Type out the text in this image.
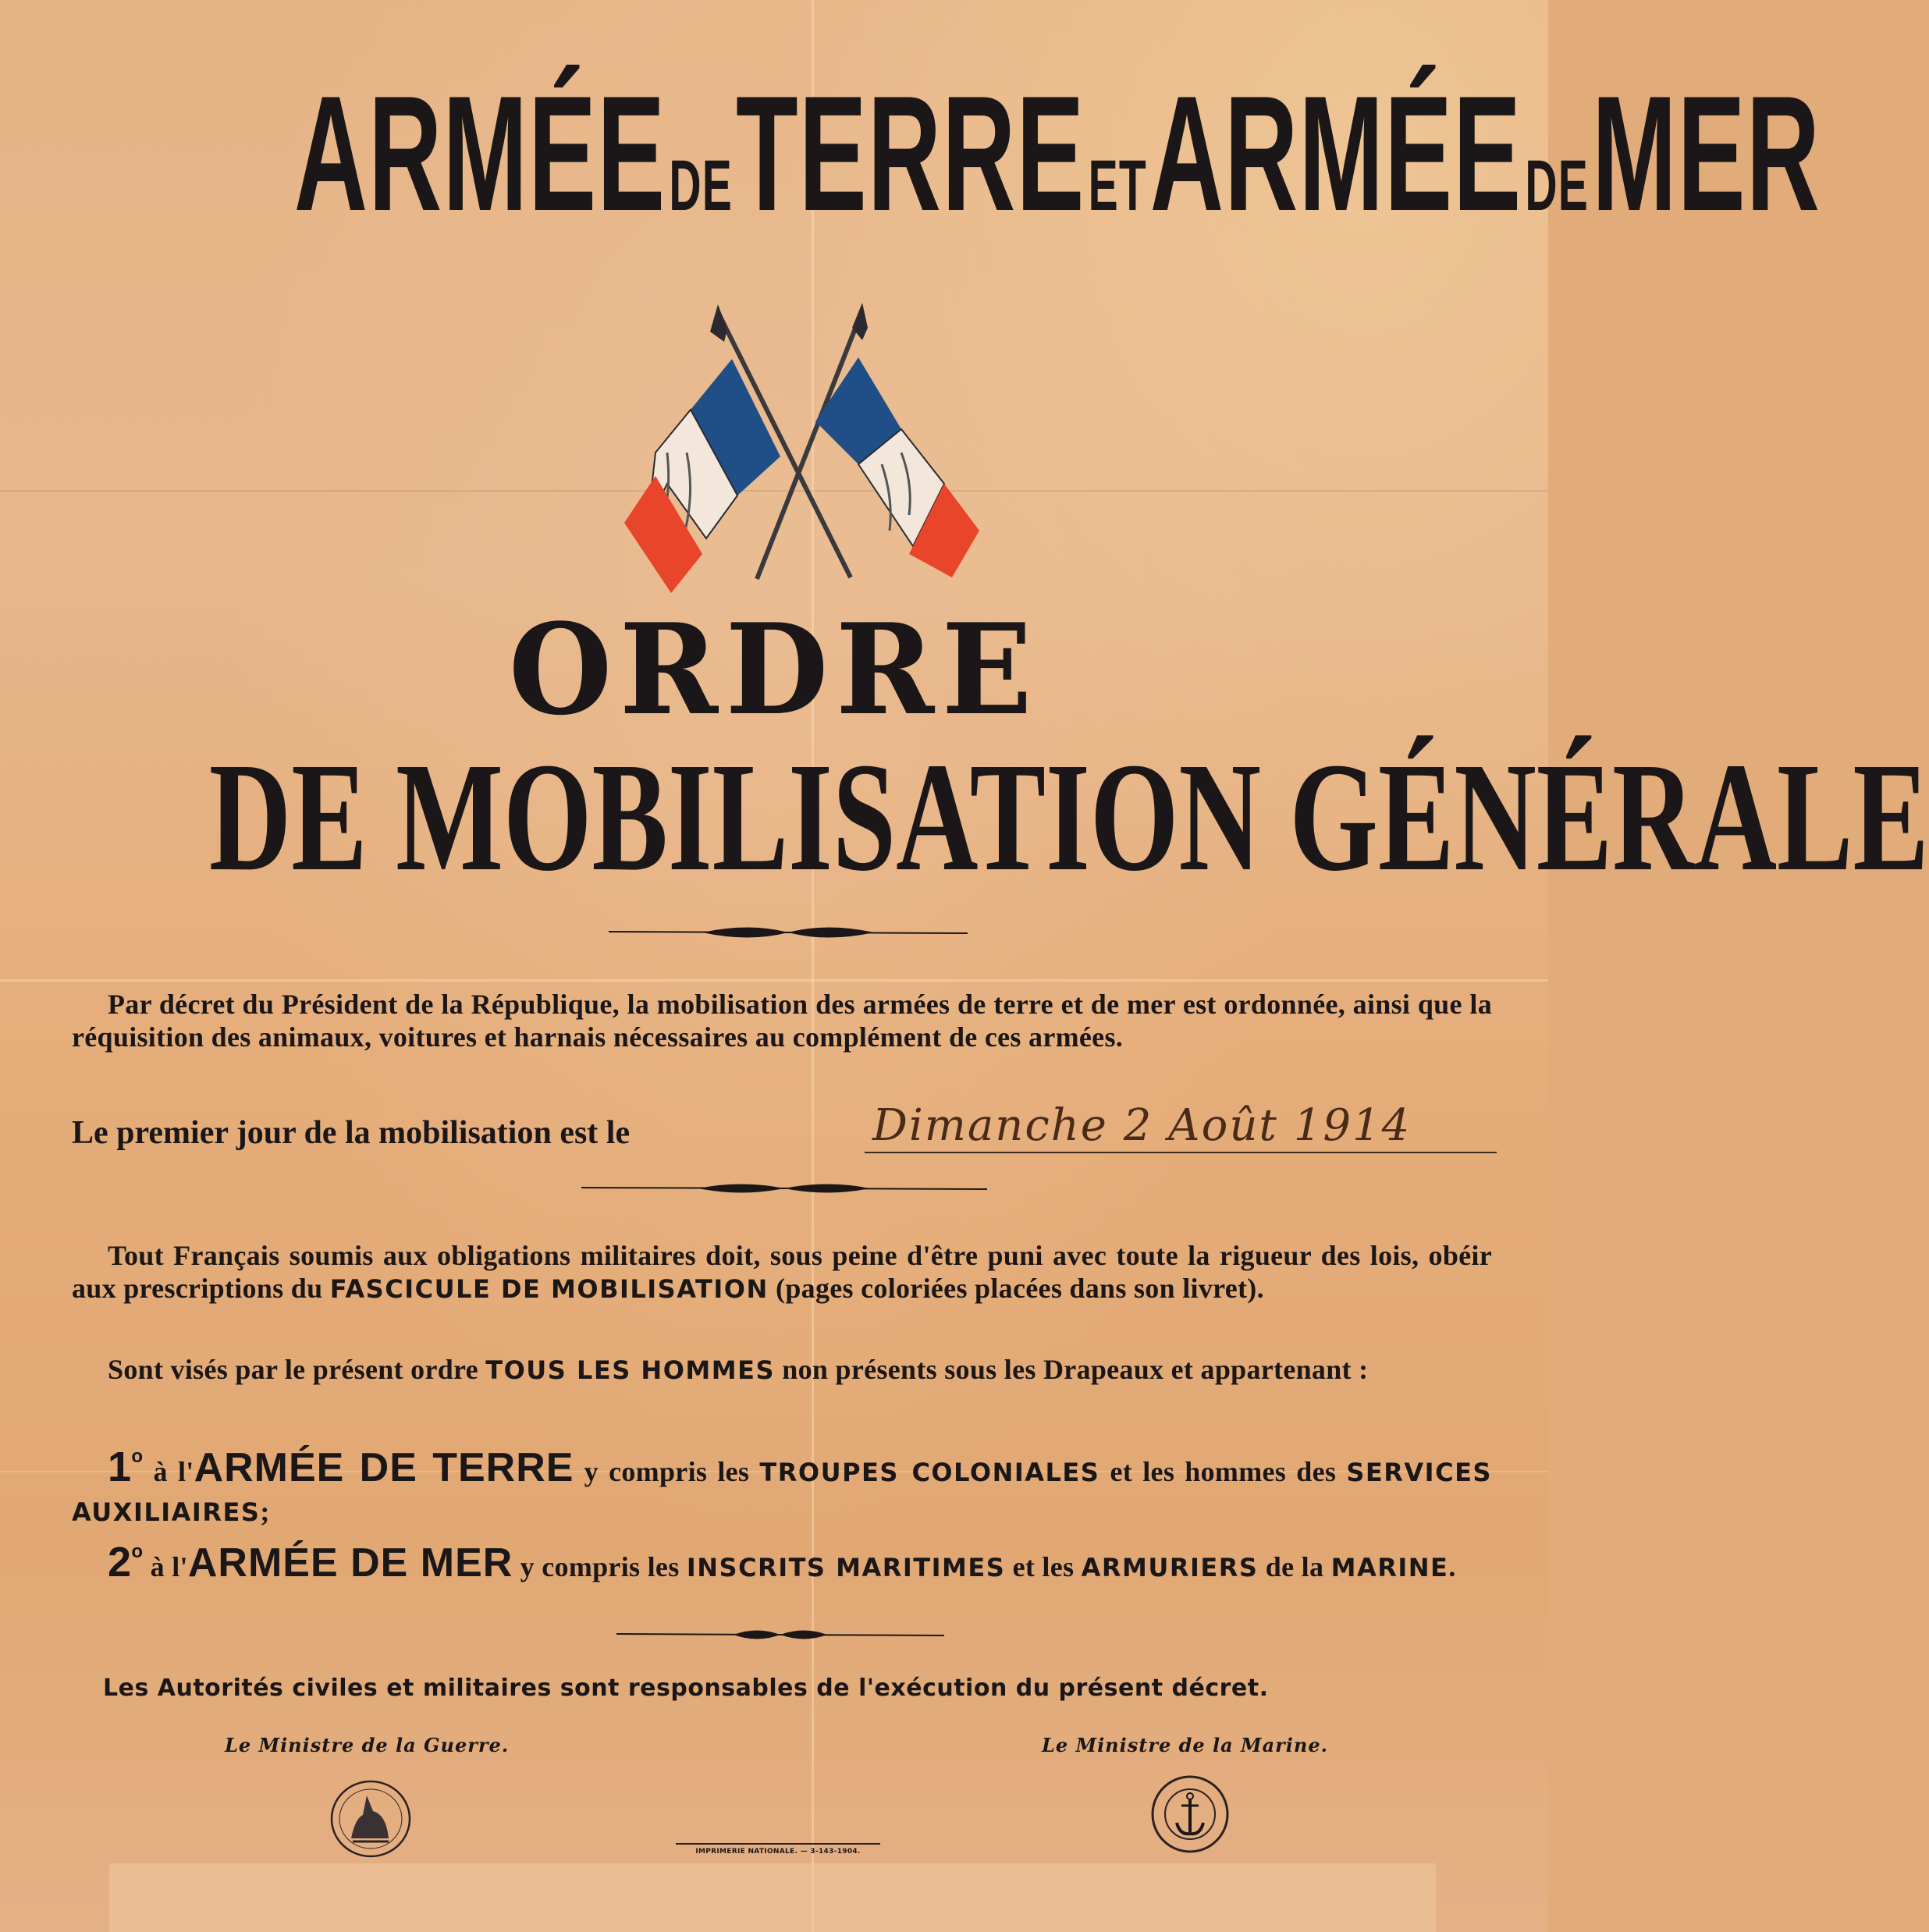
ARMÉE DE TERRE ET ARMÉE DE MER
ORDRE
DE MOBILISATION GÉNÉRALE
Par décret du Président de la République, la mobilisation des armées de terre et de mer est ordonnée, ainsi que la réquisition des animaux, voitures et harnais nécessaires au complément de ces armées.
Le premier jour de la mobilisation est le	Dimanche 2 Août 1914
Tout Français soumis aux obligations militaires doit, sous peine d'être puni avec toute la rigueur des lois, obéir aux prescriptions du FASCICULE DE MOBILISATION (pages coloriées placées dans son livret).
Sont visés par le présent ordre TOUS LES HOMMES non présents sous les Drapeaux et appartenant :
1$^o$ à l'ARMÉE DE TERRE y compris les TROUPES COLONIALES et les hommes des SERVICES AUXILIAIRES;
2$^o$ à l'ARMÉE DE MER y compris les INSCRITS MARITIMES et les ARMURIERS de la MARINE.
Les Autorités civiles et militaires sont responsables de l'exécution du présent décret.
Le Ministre de la Guerre.	Le Ministre de la Marine.
IMPRIMERIE NATIONALE. — 3-143-1904.
